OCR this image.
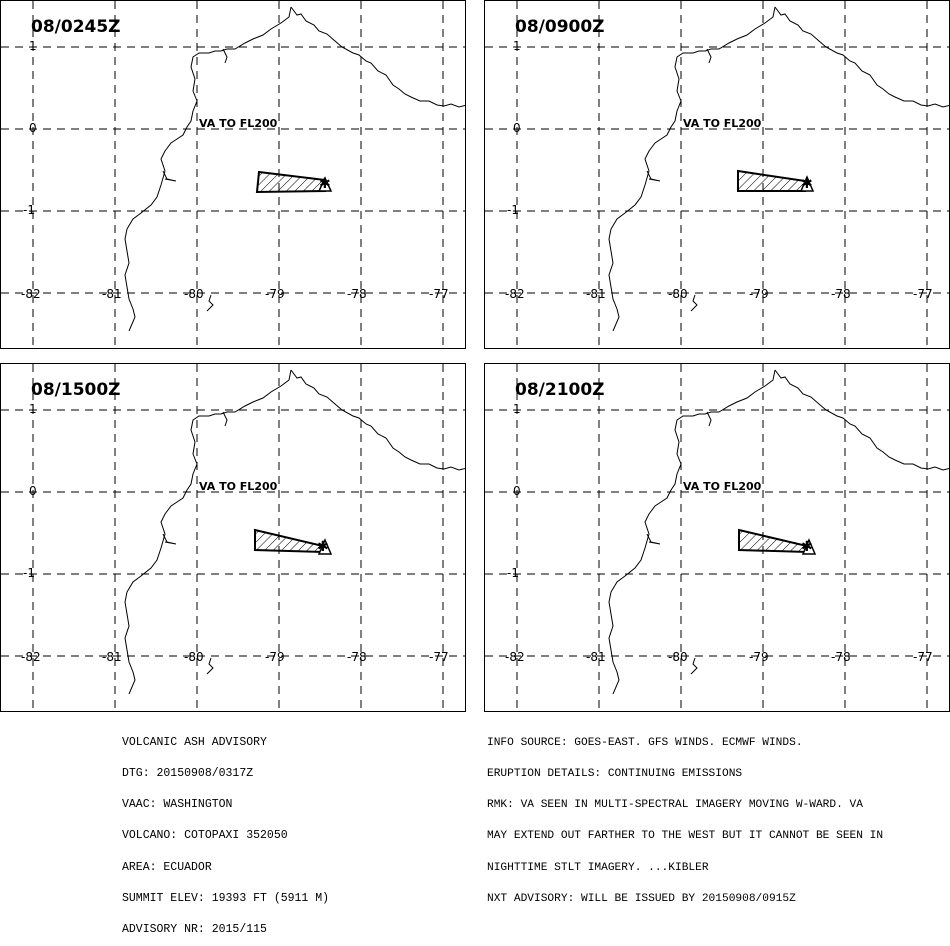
✱
08/0245Z
VA TO FL200
1
0
-1
-82	-81	-80	-79	-78	-77
✱
08/0900Z
VA TO FL200
1
0
-1
-82	-81	-80	-79	-78	-77
✱
08/1500Z
VA TO FL200
1
0
-1
-82	-81	-80	-79	-78	-77
✱
08/2100Z
VA TO FL200
1
0
-1
-82	-81	-80	-79	-78	-77

VOLCANIC ASH ADVISORY

DTG: 20150908/0317Z

VAAC: WASHINGTON

VOLCANO: COTOPAXI 352050

AREA: ECUADOR

SUMMIT ELEV: 19393 FT (5911 M)

ADVISORY NR: 2015/115

INFO SOURCE: GOES-EAST. GFS WINDS. ECMWF WINDS.

ERUPTION DETAILS: CONTINUING EMISSIONS

RMK: VA SEEN IN MULTI-SPECTRAL IMAGERY MOVING W-WARD. VA

MAY EXTEND OUT FARTHER TO THE WEST BUT IT CANNOT BE SEEN IN

NIGHTTIME STLT IMAGERY. ...KIBLER

NXT ADVISORY: WILL BE ISSUED BY 20150908/0915Z
